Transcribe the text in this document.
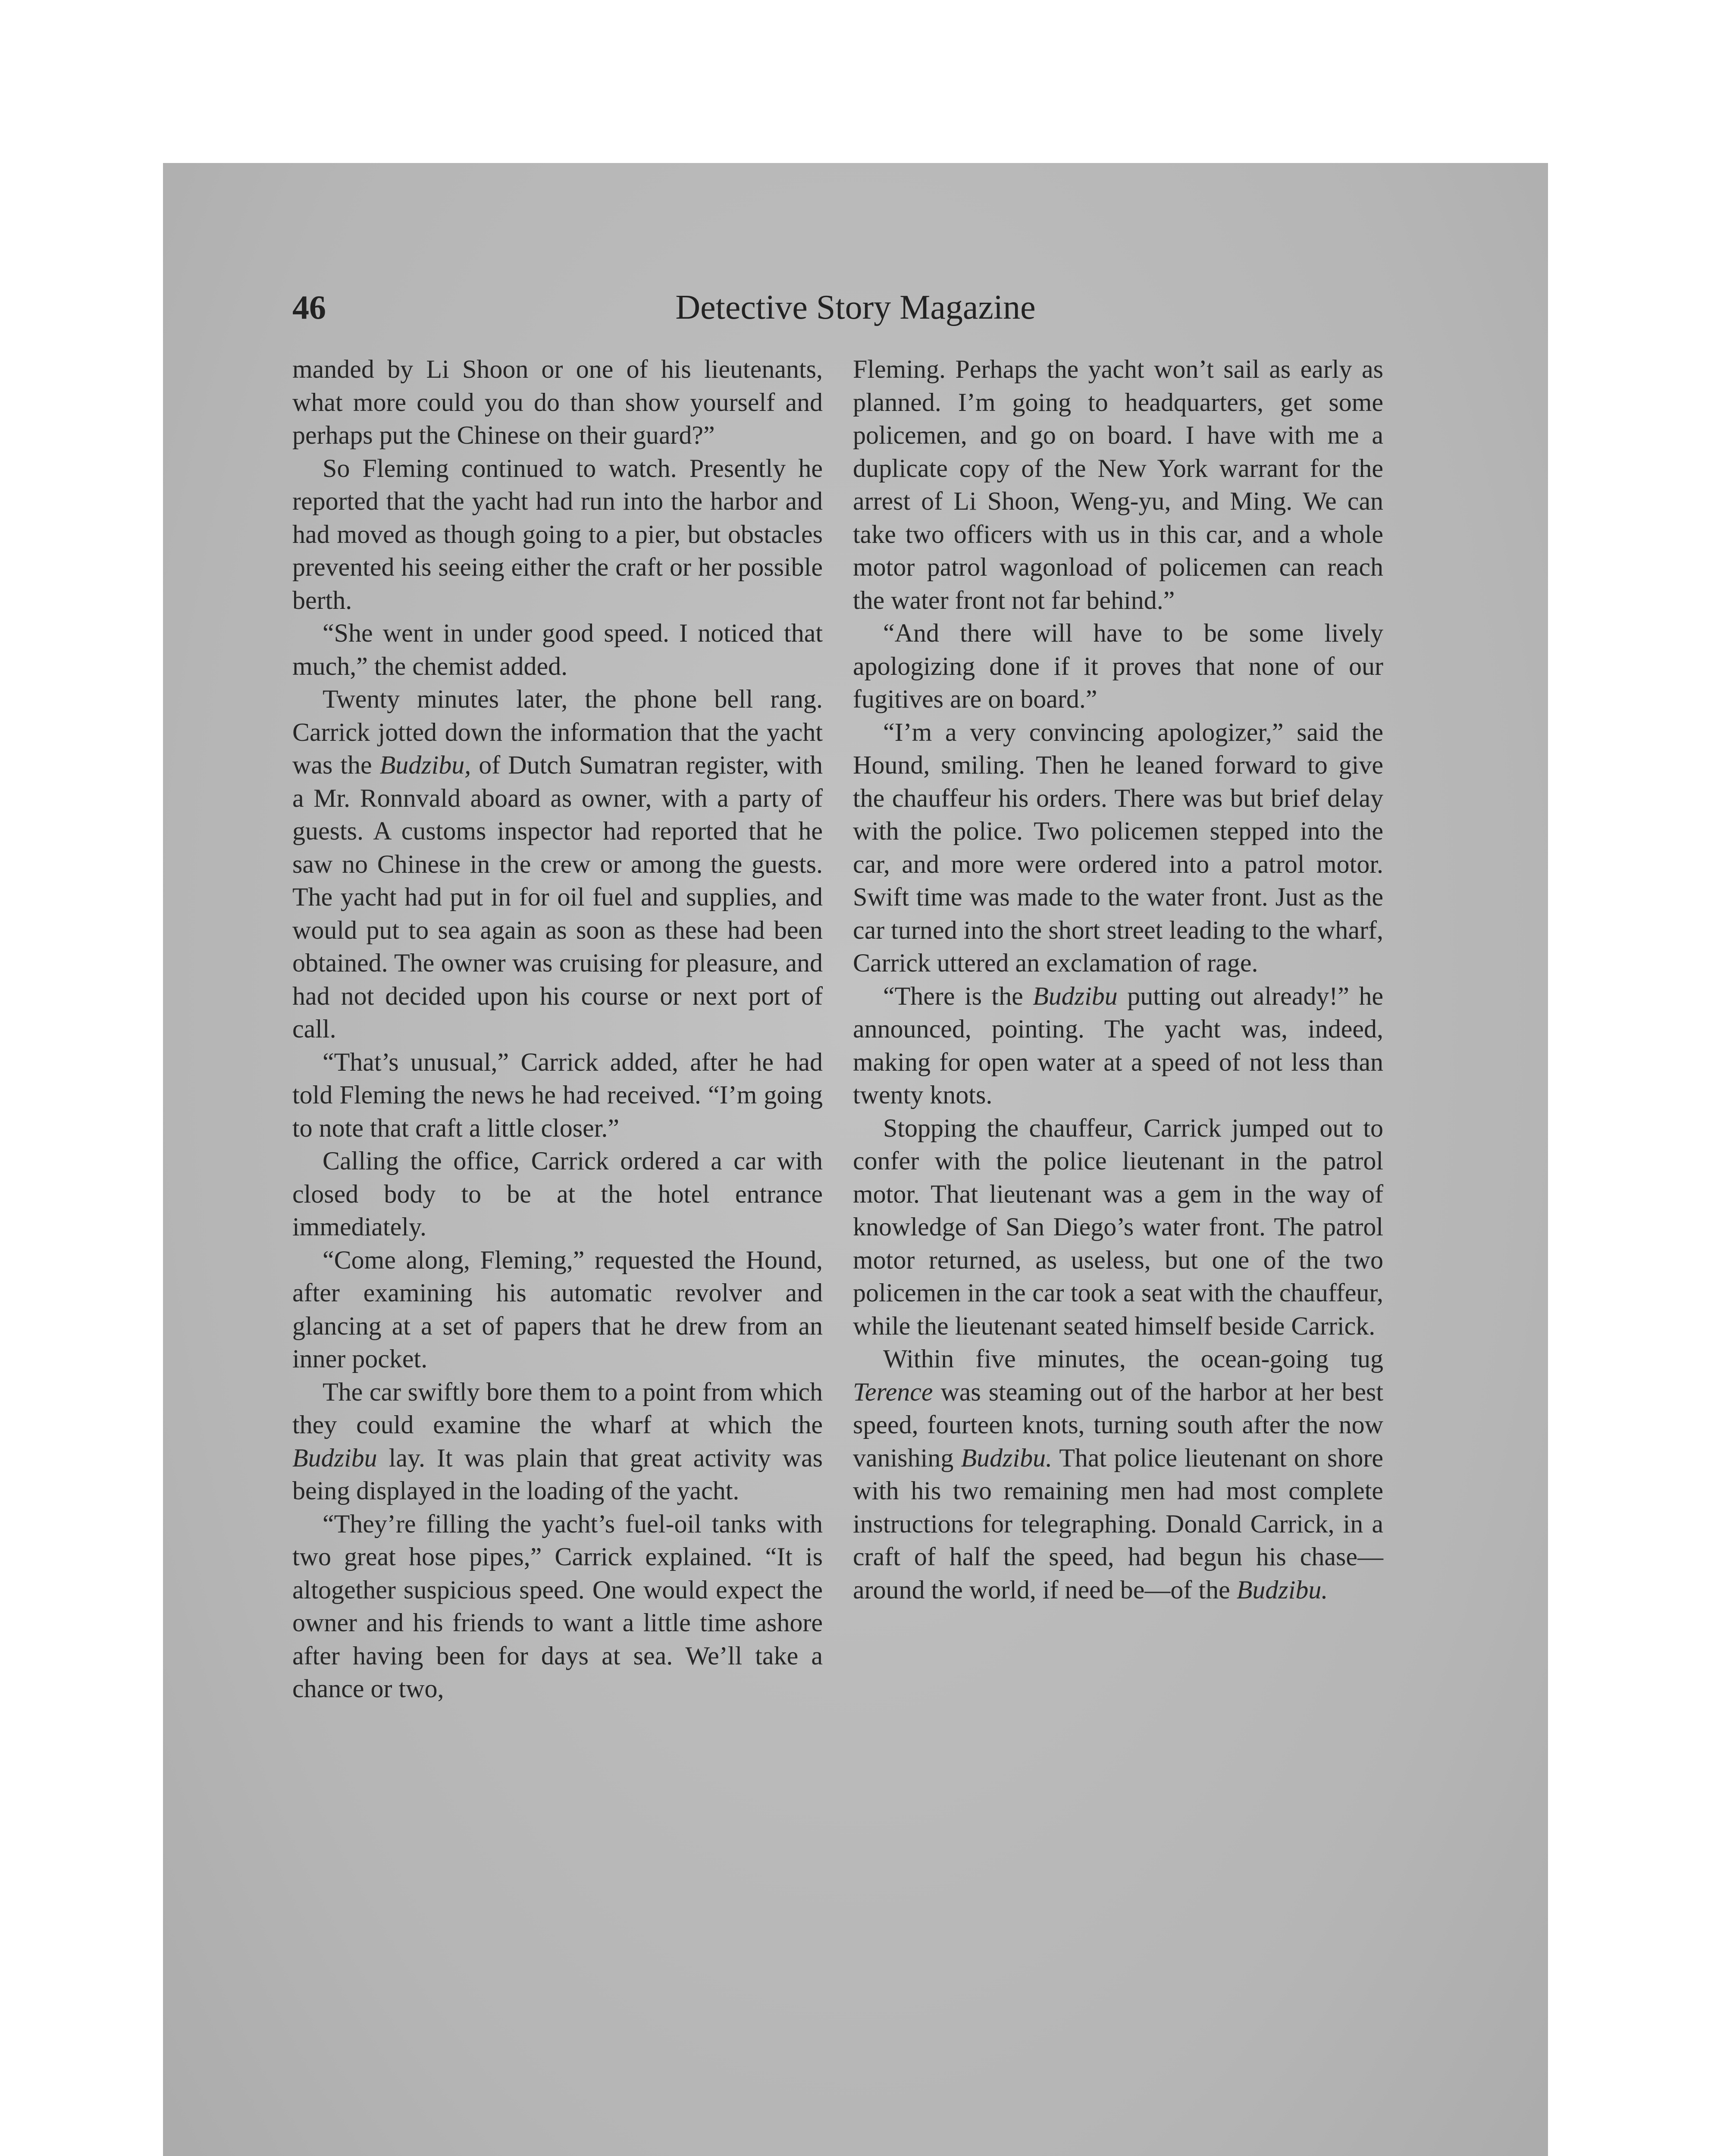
46	Detective Story Magazine

manded by Li Shoon or one of his lieutenants, what more could you do than show yourself and perhaps put the Chinese on their guard?”

So Fleming continued to watch. Presently he reported that the yacht had run into the harbor and had moved as though going to a pier, but obstacles prevented his seeing either the craft or her possible berth.

“She went in under good speed. I noticed that much,” the chemist added.

Twenty minutes later, the phone bell rang. Carrick jotted down the information that the yacht was the Budzibu, of Dutch Sumatran register, with a Mr. Ronnvald aboard as owner, with a party of guests. A customs inspector had reported that he saw no Chinese in the crew or among the guests. The yacht had put in for oil fuel and supplies, and would put to sea again as soon as these had been obtained. The owner was cruising for pleasure, and had not decided upon his course or next port of call.

“That’s unusual,” Carrick added, after he had told Fleming the news he had received. “I’m going to note that craft a little closer.”

Calling the office, Carrick ordered a car with closed body to be at the hotel entrance immediately.

“Come along, Fleming,” requested the Hound, after examining his automatic revolver and glancing at a set of papers that he drew from an inner pocket.

The car swiftly bore them to a point from which they could examine the wharf at which the Budzibu lay. It was plain that great activity was being displayed in the loading of the yacht.

“They’re filling the yacht’s fuel-oil tanks with two great hose pipes,” Carrick explained. “It is altogether suspicious speed. One would expect the owner and his friends to want a little time ashore after having been for days at sea. We’ll take a chance or two,

Fleming. Perhaps the yacht won’t sail as early as planned. I’m going to headquarters, get some policemen, and go on board. I have with me a duplicate copy of the New York warrant for the arrest of Li Shoon, Weng-yu, and Ming. We can take two officers with us in this car, and a whole motor patrol wagonload of policemen can reach the water front not far behind.”

“And there will have to be some lively apologizing done if it proves that none of our fugitives are on board.”

“I’m a very convincing apologizer,” said the Hound, smiling. Then he leaned forward to give the chauffeur his orders. There was but brief delay with the police. Two policemen stepped into the car, and more were ordered into a patrol motor. Swift time was made to the water front. Just as the car turned into the short street leading to the wharf, Carrick uttered an exclamation of rage.

“There is the Budzibu putting out already!” he announced, pointing. The yacht was, indeed, making for open water at a speed of not less than twenty knots.

Stopping the chauffeur, Carrick jumped out to confer with the police lieutenant in the patrol motor. That lieutenant was a gem in the way of knowledge of San Diego’s water front. The patrol motor returned, as useless, but one of the two policemen in the car took a seat with the chauffeur, while the lieutenant seated himself beside Carrick.

Within five minutes, the ocean-going tug Terence was steaming out of the harbor at her best speed, fourteen knots, turning south after the now vanishing Budzibu. That police lieutenant on shore with his two remaining men had most complete instructions for telegraphing. Donald Carrick, in a craft of half the speed, had begun his chase—around the world, if need be—of the Budzibu.
